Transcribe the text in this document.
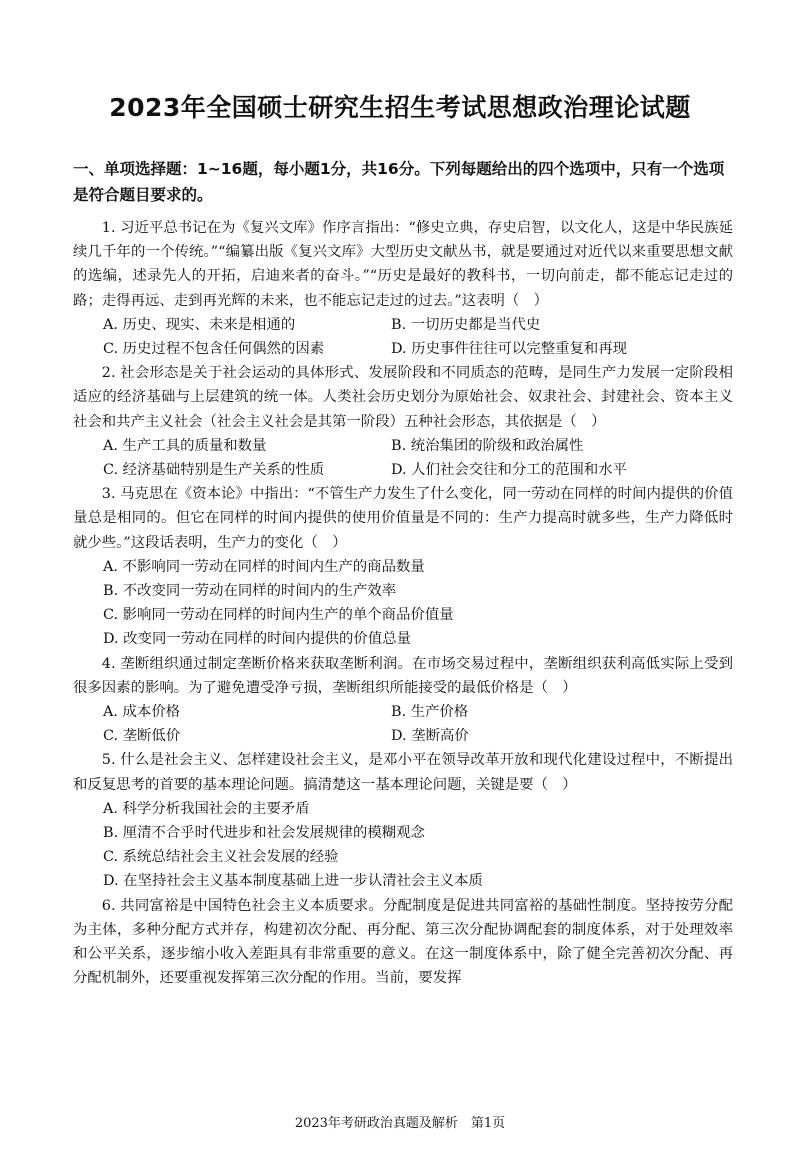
2023年全国硕士研究生招生考试思想政治理论试题
一、单项选择题：1~16题，每小题1分，共16分。下列每题给出的四个选项中，只有一个选项是符合题目要求的。

1. 习近平总书记在为《复兴文库》作序言指出：“修史立典，存史启智，以文化人，这是中华民族延续几千年的一个传统。”“编纂出版《复兴文库》大型历史文献丛书，就是要通过对近代以来重要思想文献的选编，述录先人的开拓，启迪来者的奋斗。”“历史是最好的教科书，一切向前走，都不能忘记走过的路；走得再远、走到再光辉的未来，也不能忘记走过的过去。”这表明（　）

A. 历史、现实、未来是相通的	B. 一切历史都是当代史
C. 历史过程不包含任何偶然的因素	D. 历史事件往往可以完整重复和再现

2. 社会形态是关于社会运动的具体形式、发展阶段和不同质态的范畴，是同生产力发展一定阶段相适应的经济基础与上层建筑的统一体。人类社会历史划分为原始社会、奴隶社会、封建社会、资本主义社会和共产主义社会（社会主义社会是其第一阶段）五种社会形态，其依据是（　）

A. 生产工具的质量和数量	B. 统治集团的阶级和政治属性
C. 经济基础特别是生产关系的性质	D. 人们社会交往和分工的范围和水平

3. 马克思在《资本论》中指出：“不管生产力发生了什么变化，同一劳动在同样的时间内提供的价值量总是相同的。但它在同样的时间内提供的使用价值量是不同的：生产力提高时就多些，生产力降低时就少些。”这段话表明，生产力的变化（　）

A. 不影响同一劳动在同样的时间内生产的商品数量
B. 不改变同一劳动在同样的时间内的生产效率
C. 影响同一劳动在同样的时间内生产的单个商品价值量
D. 改变同一劳动在同样的时间内提供的价值总量

4. 垄断组织通过制定垄断价格来获取垄断利润。在市场交易过程中，垄断组织获利高低实际上受到很多因素的影响。为了避免遭受净亏损，垄断组织所能接受的最低价格是（　）

A. 成本价格	B. 生产价格
C. 垄断低价	D. 垄断高价

5. 什么是社会主义、怎样建设社会主义，是邓小平在领导改革开放和现代化建设过程中，不断提出和反复思考的首要的基本理论问题。搞清楚这一基本理论问题，关键是要（　）

A. 科学分析我国社会的主要矛盾
B. 厘清不合乎时代进步和社会发展规律的模糊观念
C. 系统总结社会主义社会发展的经验
D. 在坚持社会主义基本制度基础上进一步认清社会主义本质

6. 共同富裕是中国特色社会主义本质要求。分配制度是促进共同富裕的基础性制度。坚持按劳分配为主体，多种分配方式并存，构建初次分配、再分配、第三次分配协调配套的制度体系，对于处理效率和公平关系，逐步缩小收入差距具有非常重要的意义。在这一制度体系中，除了健全完善初次分配、再分配机制外，还要重视发挥第三次分配的作用。当前，要发挥

2023年考研政治真题及解析　第1页
